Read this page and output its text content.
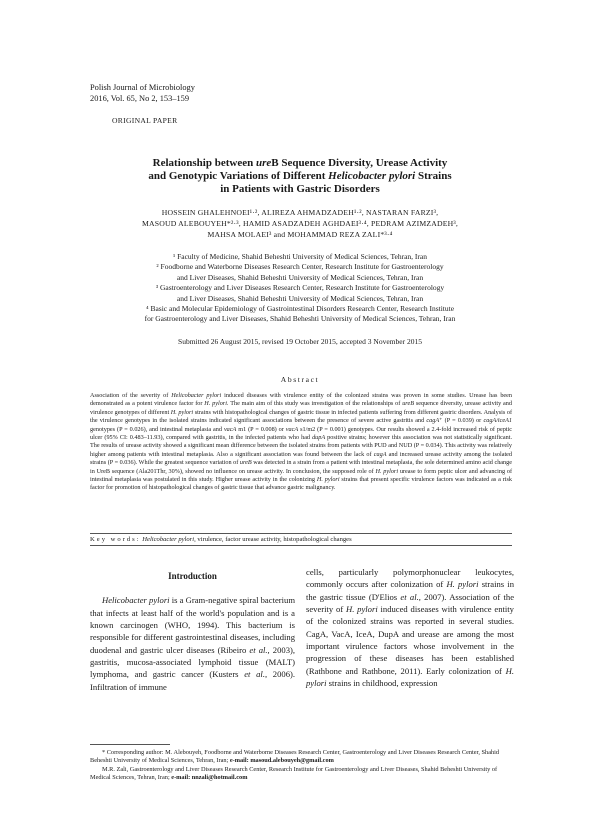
Polish Journal of Microbiology
2016, Vol. 65, No 2, 153–159
ORIGINAL PAPER
Relationship between ureB Sequence Diversity, Urease Activity
and Genotypic Variations of Different Helicobacter pylori Strains
in Patients with Gastric Disorders
HOSSEIN GHALEHNOEI¹·², ALIREZA AHMADZADEH¹·², NASTARAN FARZI³,
MASOUD ALEBOUYEH*²·³, HAMID ASADZADEH AGHDAEI³·⁴, PEDRAM AZIMZADEH³,
MAHSA MOLAEI³ and MOHAMMAD REZA ZALI*³·⁴
¹ Faculty of Medicine, Shahid Beheshti University of Medical Sciences, Tehran, Iran
² Foodborne and Waterborne Diseases Research Center, Research Institute for Gastroenterology
and Liver Diseases, Shahid Beheshti University of Medical Sciences, Tehran, Iran
³ Gastroenterology and Liver Diseases Research Center, Research Institute for Gastroenterology
and Liver Diseases, Shahid Beheshti University of Medical Sciences, Tehran, Iran
⁴ Basic and Molecular Epidemiology of Gastrointestinal Disorders Research Center, Research Institute
for Gastroenterology and Liver Diseases, Shahid Beheshti University of Medical Sciences, Tehran, Iran
Submitted 26 August 2015, revised 19 October 2015, accepted 3 November 2015
Abstract
Association of the severity of Helicobacter pylori induced diseases with virulence entity of the colonized strains was proven in some studies. Urease has been demonstrated as a potent virulence factor for H. pylori. The main aim of this study was investigation of the relationships of ureB sequence diversity, urease activity and virulence genotypes of different H. pylori strains with histopathological changes of gastric tissue in infected patients suffering from different gastric disorders. Analysis of the virulence genotypes in the isolated strains indicated significant associations between the presence of severe active gastritis and cagA⁺ (P = 0.039) or cagA/iceA1 genotypes (P = 0.026), and intestinal metaplasia and vacA m1 (P = 0.008) or vacA s1/m2 (P = 0.001) genotypes. Our results showed a 2.4-fold increased risk of peptic ulcer (95% CI: 0.483–11.93), compared with gastritis, in the infected patients who had dupA positive strains; however this association was not statistically significant. The results of urease activity showed a significant mean difference between the isolated strains from patients with PUD and NUD (P = 0.034). This activity was relatively higher among patients with intestinal metaplasia. Also a significant association was found between the lack of cagA and increased urease activity among the isolated strains (P = 0.036). While the greatest sequence variation of ureB was detected in a strain from a patient with intestinal metaplasia, the sole determined amino acid change in UreB sequence (Ala201Thr, 30%), showed no influence on urease activity. In conclusion, the supposed role of H. pylori urease to form peptic ulcer and advancing of intestinal metaplasia was postulated in this study. Higher urease activity in the colonizing H. pylori strains that present specific virulence factors was indicated as a risk factor for promotion of histopathological changes of gastric tissue that advance gastric malignancy.
Key words: Helicobacter pylori, virulence, factor urease activity, histopathological changes
Introduction

Helicobacter pylori is a Gram-negative spiral bacterium that infects at least half of the world's population and is a known carcinogen (WHO, 1994). This bacterium is responsible for different gastrointestinal diseases, including duodenal and gastric ulcer diseases (Ribeiro et al., 2003), gastritis, mucosa-associated lymphoid tissue (MALT) lymphoma, and gastric cancer (Kusters et al., 2006). Infiltration of immune

cells, particularly polymorphonuclear leukocytes, commonly occurs after colonization of H. pylori strains in the gastric tissue (D'Elios et al., 2007). Association of the severity of H. pylori induced diseases with virulence entity of the colonized strains was reported in several studies. CagA, VacA, IceA, DupA and urease are among the most important virulence factors whose involvement in the progression of these diseases has been established (Rathbone and Rathbone, 2011). Early colonization of H. pylori strains in childhood, expression

* Corresponding author: M. Alebouyeh, Foodborne and Waterborne Diseases Research Center, Gastroenterology and Liver Diseases Research Center, Shahid Beheshti University of Medical Sciences, Tehran, Iran; e-mail: masoud.alebouyeh@gmail.com

M.R. Zali, Gastroenterology and Liver Diseases Research Center, Research Institute for Gastroenterology and Liver Diseases, Shahid Beheshti University of Medical Sciences, Tehran, Iran; e-mail: nnzali@hotmail.com
